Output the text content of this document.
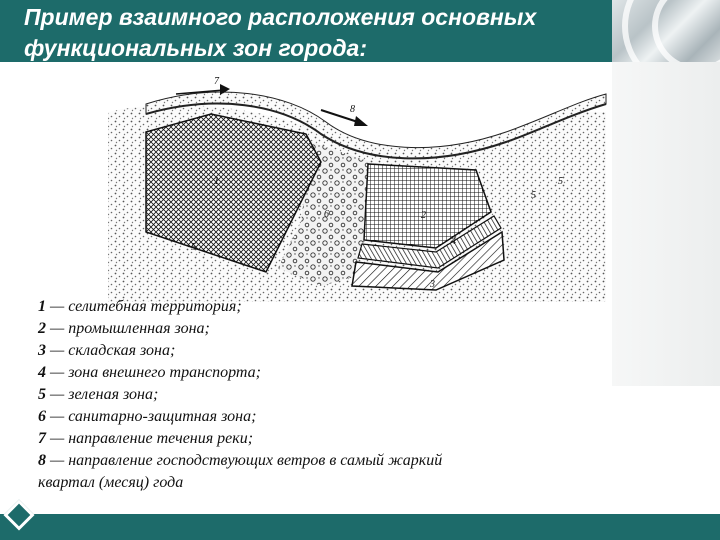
Пример взаимного расположения основных функциональных зон города:
1
2
3
4
5
6
7
8
5
5
1 — селитебная территория;
2 — промышленная зона;
3 — складская зона;
4 — зона внешнего транспорта;
5 — зеленая зона;
6 — санитарно-защитная зона;
7 — направление течения реки;
8 — направление господствующих ветров в самый жаркий
квартал (месяц) года
